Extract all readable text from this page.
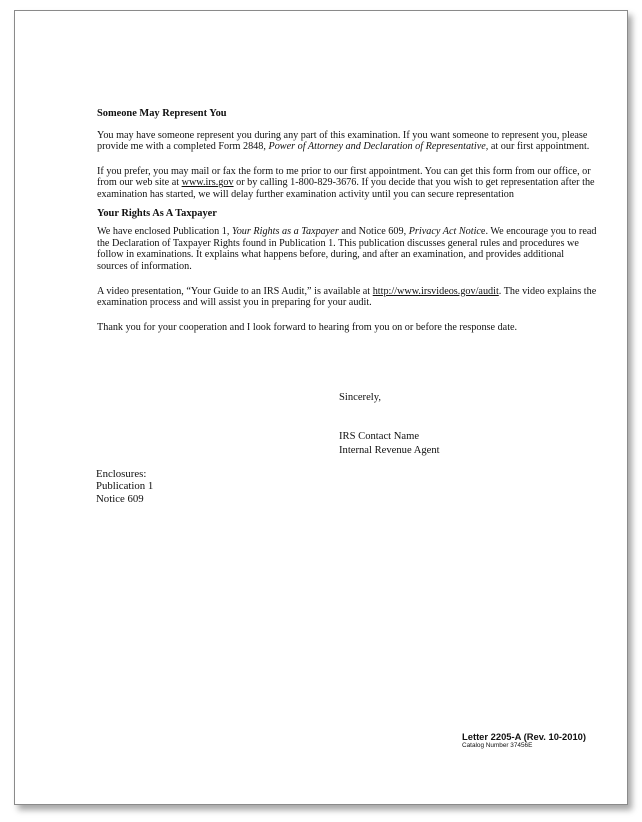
Someone May Represent You

You may have someone represent you during any part of this examination. If you want someone to represent you, please provide me with a completed Form 2848, Power of Attorney and Declaration of Representative, at our first appointment.

If you prefer, you may mail or fax the form to me prior to our first appointment. You can get this form from our office, or from our web site at www.irs.gov or by calling 1-800-829-3676. If you decide that you wish to get representation after the examination has started, we will delay further examination activity until you can secure representation

Your Rights As A Taxpayer

We have enclosed Publication 1, Your Rights as a Taxpayer and Notice 609, Privacy Act Notice. We encourage you to read the Declaration of Taxpayer Rights found in Publication 1. This publication discusses general rules and procedures we follow in examinations. It explains what happens before, during, and after an examination, and provides additional sources of information.

A video presentation, “Your Guide to an IRS Audit,” is available at http://www.irsvideos.gov/audit. The video explains the examination process and will assist you in preparing for your audit.

Thank you for your cooperation and I look forward to hearing from you on or before the response date.

Sincerely,
IRS Contact Name
Internal Revenue Agent
Enclosures:
Publication 1
Notice 609
Letter 2205-A (Rev. 10-2010)
Catalog Number 37456E
